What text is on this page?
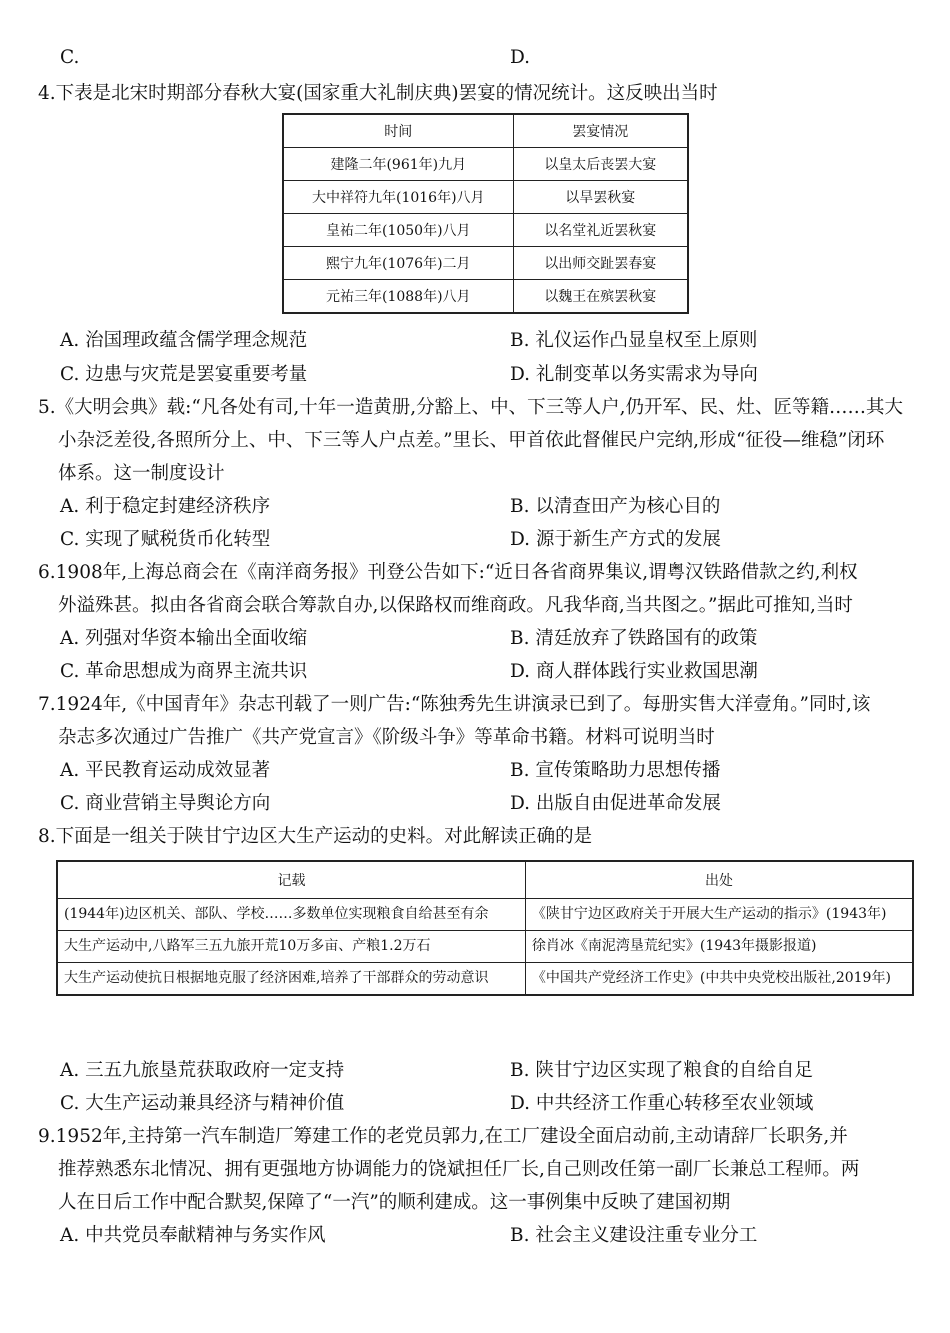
C.	D.
4.下表是北宋时期部分春秋大宴(国家重大礼制庆典)罢宴的情况统计。这反映出当时
时间	罢宴情况
建隆二年(961年)九月	以皇太后丧罢大宴
大中祥符九年(1016年)八月	以旱罢秋宴
皇祐二年(1050年)八月	以名堂礼近罢秋宴
熙宁九年(1076年)二月	以出师交趾罢春宴
元祐三年(1088年)八月	以魏王在殡罢秋宴
A. 治国理政蕴含儒学理念规范	B. 礼仪运作凸显皇权至上原则
C. 边患与灾荒是罢宴重要考量	D. 礼制变革以务实需求为导向
5.《大明会典》载:“凡各处有司,十年一造黄册,分豁上、中、下三等人户,仍开军、民、灶、匠等籍……其大
小杂泛差役,各照所分上、中、下三等人户点差。”里长、甲首依此督催民户完纳,形成“征役—维稳”闭环
体系。这一制度设计
A. 利于稳定封建经济秩序	B. 以清查田产为核心目的
C. 实现了赋税货币化转型	D. 源于新生产方式的发展
6.1908年,上海总商会在《南洋商务报》刊登公告如下:“近日各省商界集议,谓粤汉铁路借款之约,利权
外溢殊甚。拟由各省商会联合筹款自办,以保路权而维商政。凡我华商,当共图之。”据此可推知,当时
A. 列强对华资本输出全面收缩	B. 清廷放弃了铁路国有的政策
C. 革命思想成为商界主流共识	D. 商人群体践行实业救国思潮
7.1924年,《中国青年》杂志刊载了一则广告:“陈独秀先生讲演录已到了。每册实售大洋壹角。”同时,该
杂志多次通过广告推广《共产党宣言》《阶级斗争》等革命书籍。材料可说明当时
A. 平民教育运动成效显著	B. 宣传策略助力思想传播
C. 商业营销主导舆论方向	D. 出版自由促进革命发展
8.下面是一组关于陕甘宁边区大生产运动的史料。对此解读正确的是
记载	出处
(1944年)边区机关、部队、学校……多数单位实现粮食自给甚至有余	《陕甘宁边区政府关于开展大生产运动的指示》(1943年)
大生产运动中,八路军三五九旅开荒10万多亩、产粮1.2万石	徐肖冰《南泥湾垦荒纪实》(1943年摄影报道)
大生产运动使抗日根据地克服了经济困难,培养了干部群众的劳动意识	《中国共产党经济工作史》(中共中央党校出版社,2019年)
A. 三五九旅垦荒获取政府一定支持	B. 陕甘宁边区实现了粮食的自给自足
C. 大生产运动兼具经济与精神价值	D. 中共经济工作重心转移至农业领域
9.1952年,主持第一汽车制造厂筹建工作的老党员郭力,在工厂建设全面启动前,主动请辞厂长职务,并
推荐熟悉东北情况、拥有更强地方协调能力的饶斌担任厂长,自己则改任第一副厂长兼总工程师。两
人在日后工作中配合默契,保障了“一汽”的顺利建成。这一事例集中反映了建国初期
A. 中共党员奉献精神与务实作风	B. 社会主义建设注重专业分工
